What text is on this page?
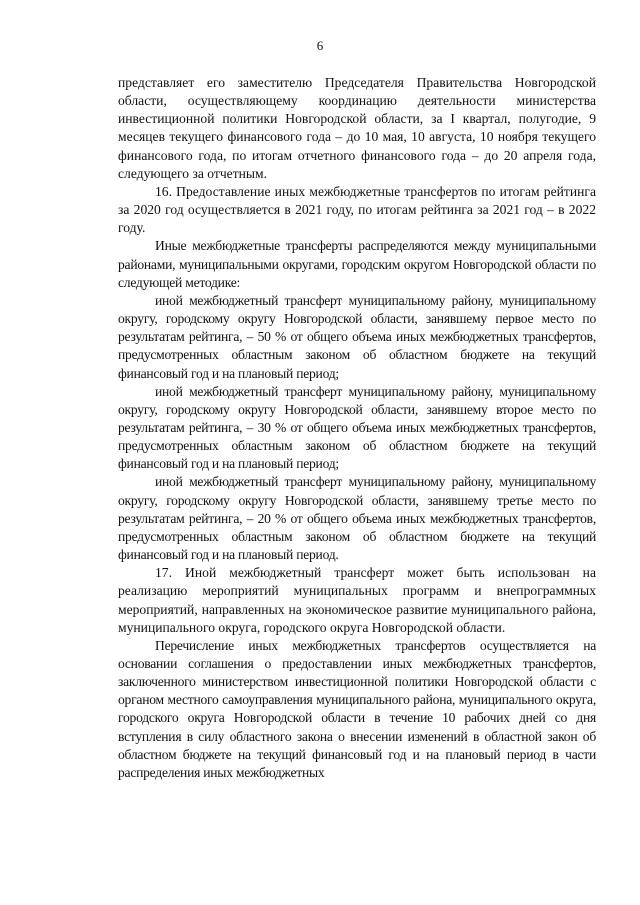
6

представляет его заместителю Председателя Правительства Новгородской области, осуществляющему координацию деятельности министерства инвестиционной политики Новгородской области, за I квартал, полугодие, 9 месяцев текущего финансового года – до 10 мая, 10 августа, 10 ноября текущего финансового года, по итогам отчетного финансового года – до 20 апреля года, следующего за отчетным.

16. Предоставление иных межбюджетные трансфертов по итогам рейтинга за 2020 год осуществляется в 2021 году, по итогам рейтинга за 2021 год – в 2022 году.

Иные межбюджетные трансферты распределяются между муниципальными районами, муниципальными округами, городским округом Новгородской области по следующей методике:

иной межбюджетный трансферт муниципальному району, муниципальному округу, городскому округу Новгородской области, занявшему первое место по результатам рейтинга, – 50 % от общего объема иных межбюджетных трансфертов, предусмотренных областным законом об областном бюджете на текущий финансовый год и на плановый период;

иной межбюджетный трансферт муниципальному району, муниципальному округу, городскому округу Новгородской области, занявшему второе место по результатам рейтинга, – 30 % от общего объема иных межбюджетных трансфертов, предусмотренных областным законом об областном бюджете на текущий финансовый год и на плановый период;

иной межбюджетный трансферт муниципальному району, муниципальному округу, городскому округу Новгородской области, занявшему третье место по результатам рейтинга, – 20 % от общего объема иных межбюджетных трансфертов, предусмотренных областным законом об областном бюджете на текущий финансовый год и на плановый период.

17. Иной межбюджетный трансферт может быть использован на реализацию мероприятий муниципальных программ и внепрограммных мероприятий, направленных на экономическое развитие муниципального района, муниципального округа, городского округа Новгородской области.

Перечисление иных межбюджетных трансфертов осуществляется на основании соглашения о предоставлении иных межбюджетных трансфертов, заключенного министерством инвестиционной политики Новгородской области с органом местного самоуправления муниципального района, муниципального округа, городского округа Новгородской области в течение 10 рабочих дней со дня вступления в силу областного закона о внесении изменений в областной закон об областном бюджете на текущий финансовый год и на плановый период в части распределения иных межбюджетных
